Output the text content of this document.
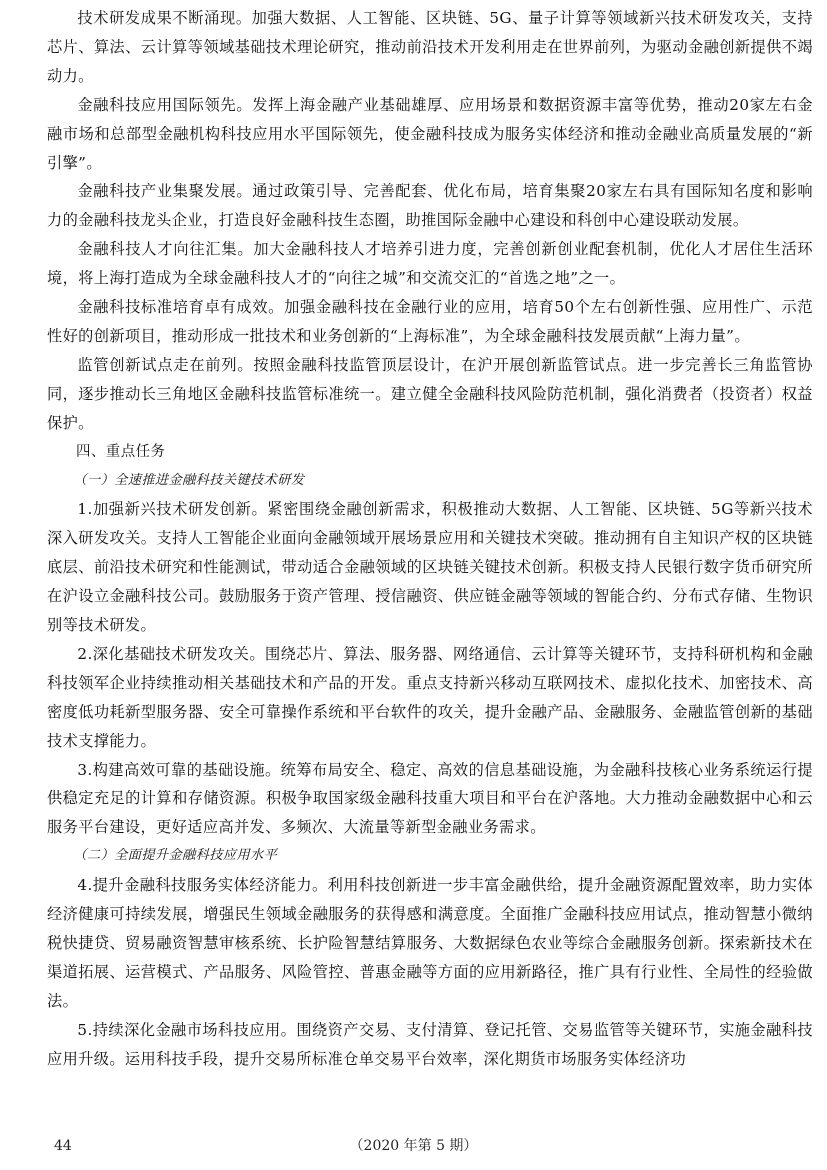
技术研发成果不断涌现。加强大数据、人工智能、区块链、5G、量子计算等领域新兴技术研发攻关，支持芯片、算法、云计算等领域基础技术理论研究，推动前沿技术开发利用走在世界前列，为驱动金融创新提供不竭动力。

金融科技应用国际领先。发挥上海金融产业基础雄厚、应用场景和数据资源丰富等优势，推动20家左右金融市场和总部型金融机构科技应用水平国际领先，使金融科技成为服务实体经济和推动金融业高质量发展的“新引擎”。

金融科技产业集聚发展。通过政策引导、完善配套、优化布局，培育集聚20家左右具有国际知名度和影响力的金融科技龙头企业，打造良好金融科技生态圈，助推国际金融中心建设和科创中心建设联动发展。

金融科技人才向往汇集。加大金融科技人才培养引进力度，完善创新创业配套机制，优化人才居住生活环境，将上海打造成为全球金融科技人才的“向往之城”和交流交汇的“首选之地”之一。

金融科技标准培育卓有成效。加强金融科技在金融行业的应用，培育50个左右创新性强、应用性广、示范性好的创新项目，推动形成一批技术和业务创新的“上海标准”，为全球金融科技发展贡献“上海力量”。

监管创新试点走在前列。按照金融科技监管顶层设计，在沪开展创新监管试点。进一步完善长三角监管协同，逐步推动长三角地区金融科技监管标准统一。建立健全金融科技风险防范机制，强化消费者（投资者）权益保护。

四、重点任务

（一）全速推进金融科技关键技术研发

1.加强新兴技术研发创新。紧密围绕金融创新需求，积极推动大数据、人工智能、区块链、5G等新兴技术深入研发攻关。支持人工智能企业面向金融领域开展场景应用和关键技术突破。推动拥有自主知识产权的区块链底层、前沿技术研究和性能测试，带动适合金融领域的区块链关键技术创新。积极支持人民银行数字货币研究所在沪设立金融科技公司。鼓励服务于资产管理、授信融资、供应链金融等领域的智能合约、分布式存储、生物识别等技术研发。

2.深化基础技术研发攻关。围绕芯片、算法、服务器、网络通信、云计算等关键环节，支持科研机构和金融科技领军企业持续推动相关基础技术和产品的开发。重点支持新兴移动互联网技术、虚拟化技术、加密技术、高密度低功耗新型服务器、安全可靠操作系统和平台软件的攻关，提升金融产品、金融服务、金融监管创新的基础技术支撑能力。

3.构建高效可靠的基础设施。统筹布局安全、稳定、高效的信息基础设施，为金融科技核心业务系统运行提供稳定充足的计算和存储资源。积极争取国家级金融科技重大项目和平台在沪落地。大力推动金融数据中心和云服务平台建设，更好适应高并发、多频次、大流量等新型金融业务需求。

（二）全面提升金融科技应用水平

4.提升金融科技服务实体经济能力。利用科技创新进一步丰富金融供给，提升金融资源配置效率，助力实体经济健康可持续发展，增强民生领域金融服务的获得感和满意度。全面推广金融科技应用试点，推动智慧小微纳税快捷贷、贸易融资智慧审核系统、长护险智慧结算服务、大数据绿色农业等综合金融服务创新。探索新技术在渠道拓展、运营模式、产品服务、风险管控、普惠金融等方面的应用新路径，推广具有行业性、全局性的经验做法。

5.持续深化金融市场科技应用。围绕资产交易、支付清算、登记托管、交易监管等关键环节，实施金融科技应用升级。运用科技手段，提升交易所标准仓单交易平台效率，深化期货市场服务实体经济功

44	（2020 年第 5 期）
